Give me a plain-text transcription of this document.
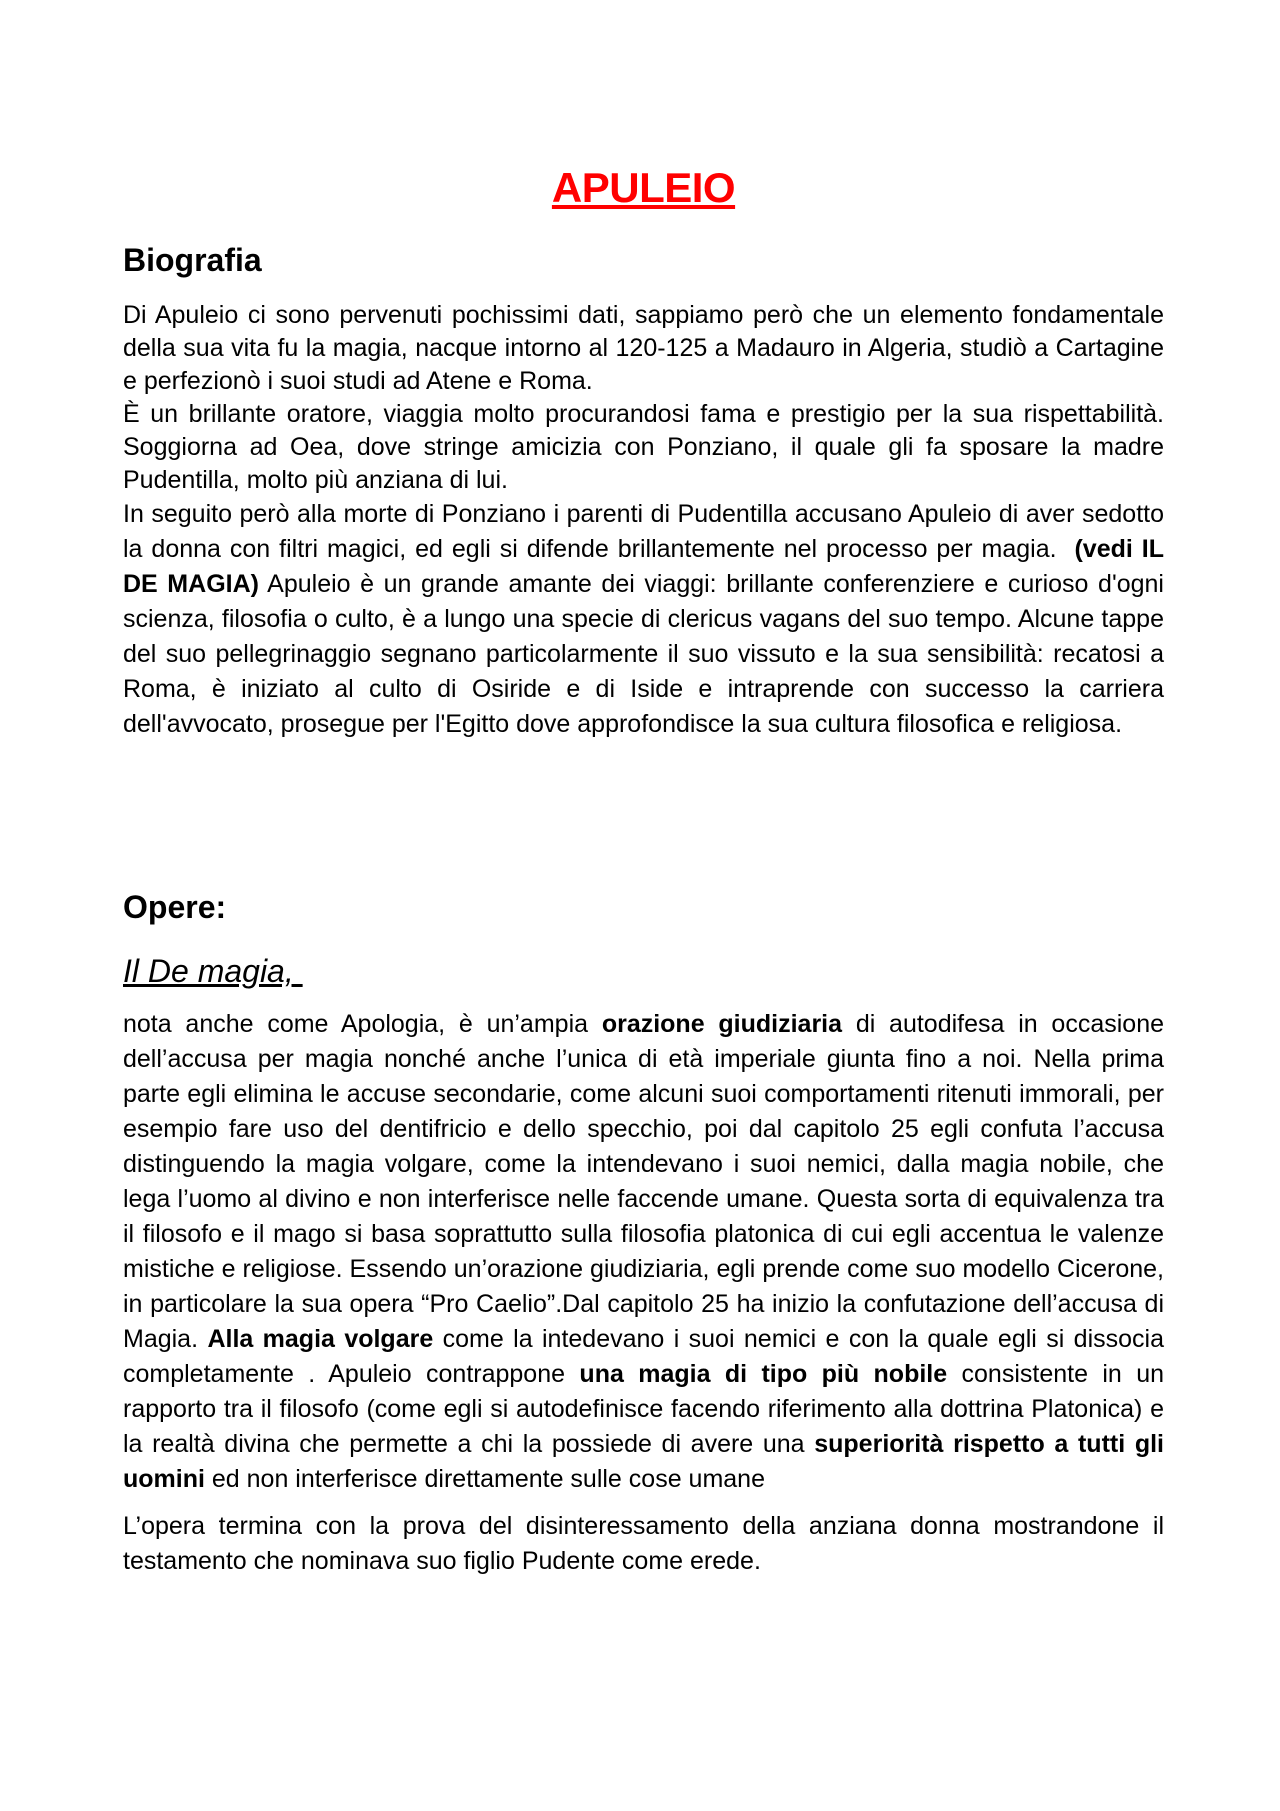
APULEIO
Biografia

Di Apuleio ci sono pervenuti pochissimi dati, sappiamo però che un elemento fondamentale della sua vita fu la magia, nacque intorno al 120-125 a Madauro in Algeria, studiò a Cartagine e perfezionò i suoi studi ad Atene e Roma.

È un brillante oratore, viaggia molto procurandosi fama e prestigio per la sua rispettabilità. Soggiorna ad Oea, dove stringe amicizia con Ponziano, il quale gli fa sposare la madre Pudentilla, molto più anziana di lui.

In seguito però alla morte di Ponziano i parenti di Pudentilla accusano Apuleio di aver sedotto la donna con filtri magici, ed egli si difende brillantemente nel processo per magia. (vedi IL DE MAGIA) Apuleio è un grande amante dei viaggi: brillante conferenziere e curioso d'ogni scienza, filosofia o culto, è a lungo una specie di clericus vagans del suo tempo. Alcune tappe del suo pellegrinaggio segnano particolarmente il suo vissuto e la sua sensibilità: recatosi a Roma, è iniziato al culto di Osiride e di Iside e intraprende con successo la carriera dell'avvocato, prosegue per l'Egitto dove approfondisce la sua cultura filosofica e religiosa.

Opere:
Il De magia,

nota anche come Apologia, è un’ampia orazione giudiziaria di autodifesa in occasione dell’accusa per magia nonché anche l’unica di età imperiale giunta fino a noi. Nella prima parte egli elimina le accuse secondarie, come alcuni suoi comportamenti ritenuti immorali, per esempio fare uso del dentifricio e dello specchio, poi dal capitolo 25 egli confuta l’accusa distinguendo la magia volgare, come la intendevano i suoi nemici, dalla magia nobile, che lega l’uomo al divino e non interferisce nelle faccende umane. Questa sorta di equivalenza tra il filosofo e il mago si basa soprattutto sulla filosofia platonica di cui egli accentua le valenze mistiche e religiose. Essendo un’orazione giudiziaria, egli prende come suo modello Cicerone, in particolare la sua opera “Pro Caelio”.Dal capitolo 25 ha inizio la confutazione dell’accusa di Magia. Alla magia volgare come la intedevano i suoi nemici e con la quale egli si dissocia completamente . Apuleio contrappone una magia di tipo più nobile consistente in un rapporto tra il filosofo (come egli si autodefinisce facendo riferimento alla dottrina Platonica) e la realtà divina che permette a chi la possiede di avere una superiorità rispetto a tutti gli uomini ed non interferisce direttamente sulle cose umane

L’opera termina con la prova del disinteressamento della anziana donna mostrandone il testamento che nominava suo figlio Pudente come erede.
